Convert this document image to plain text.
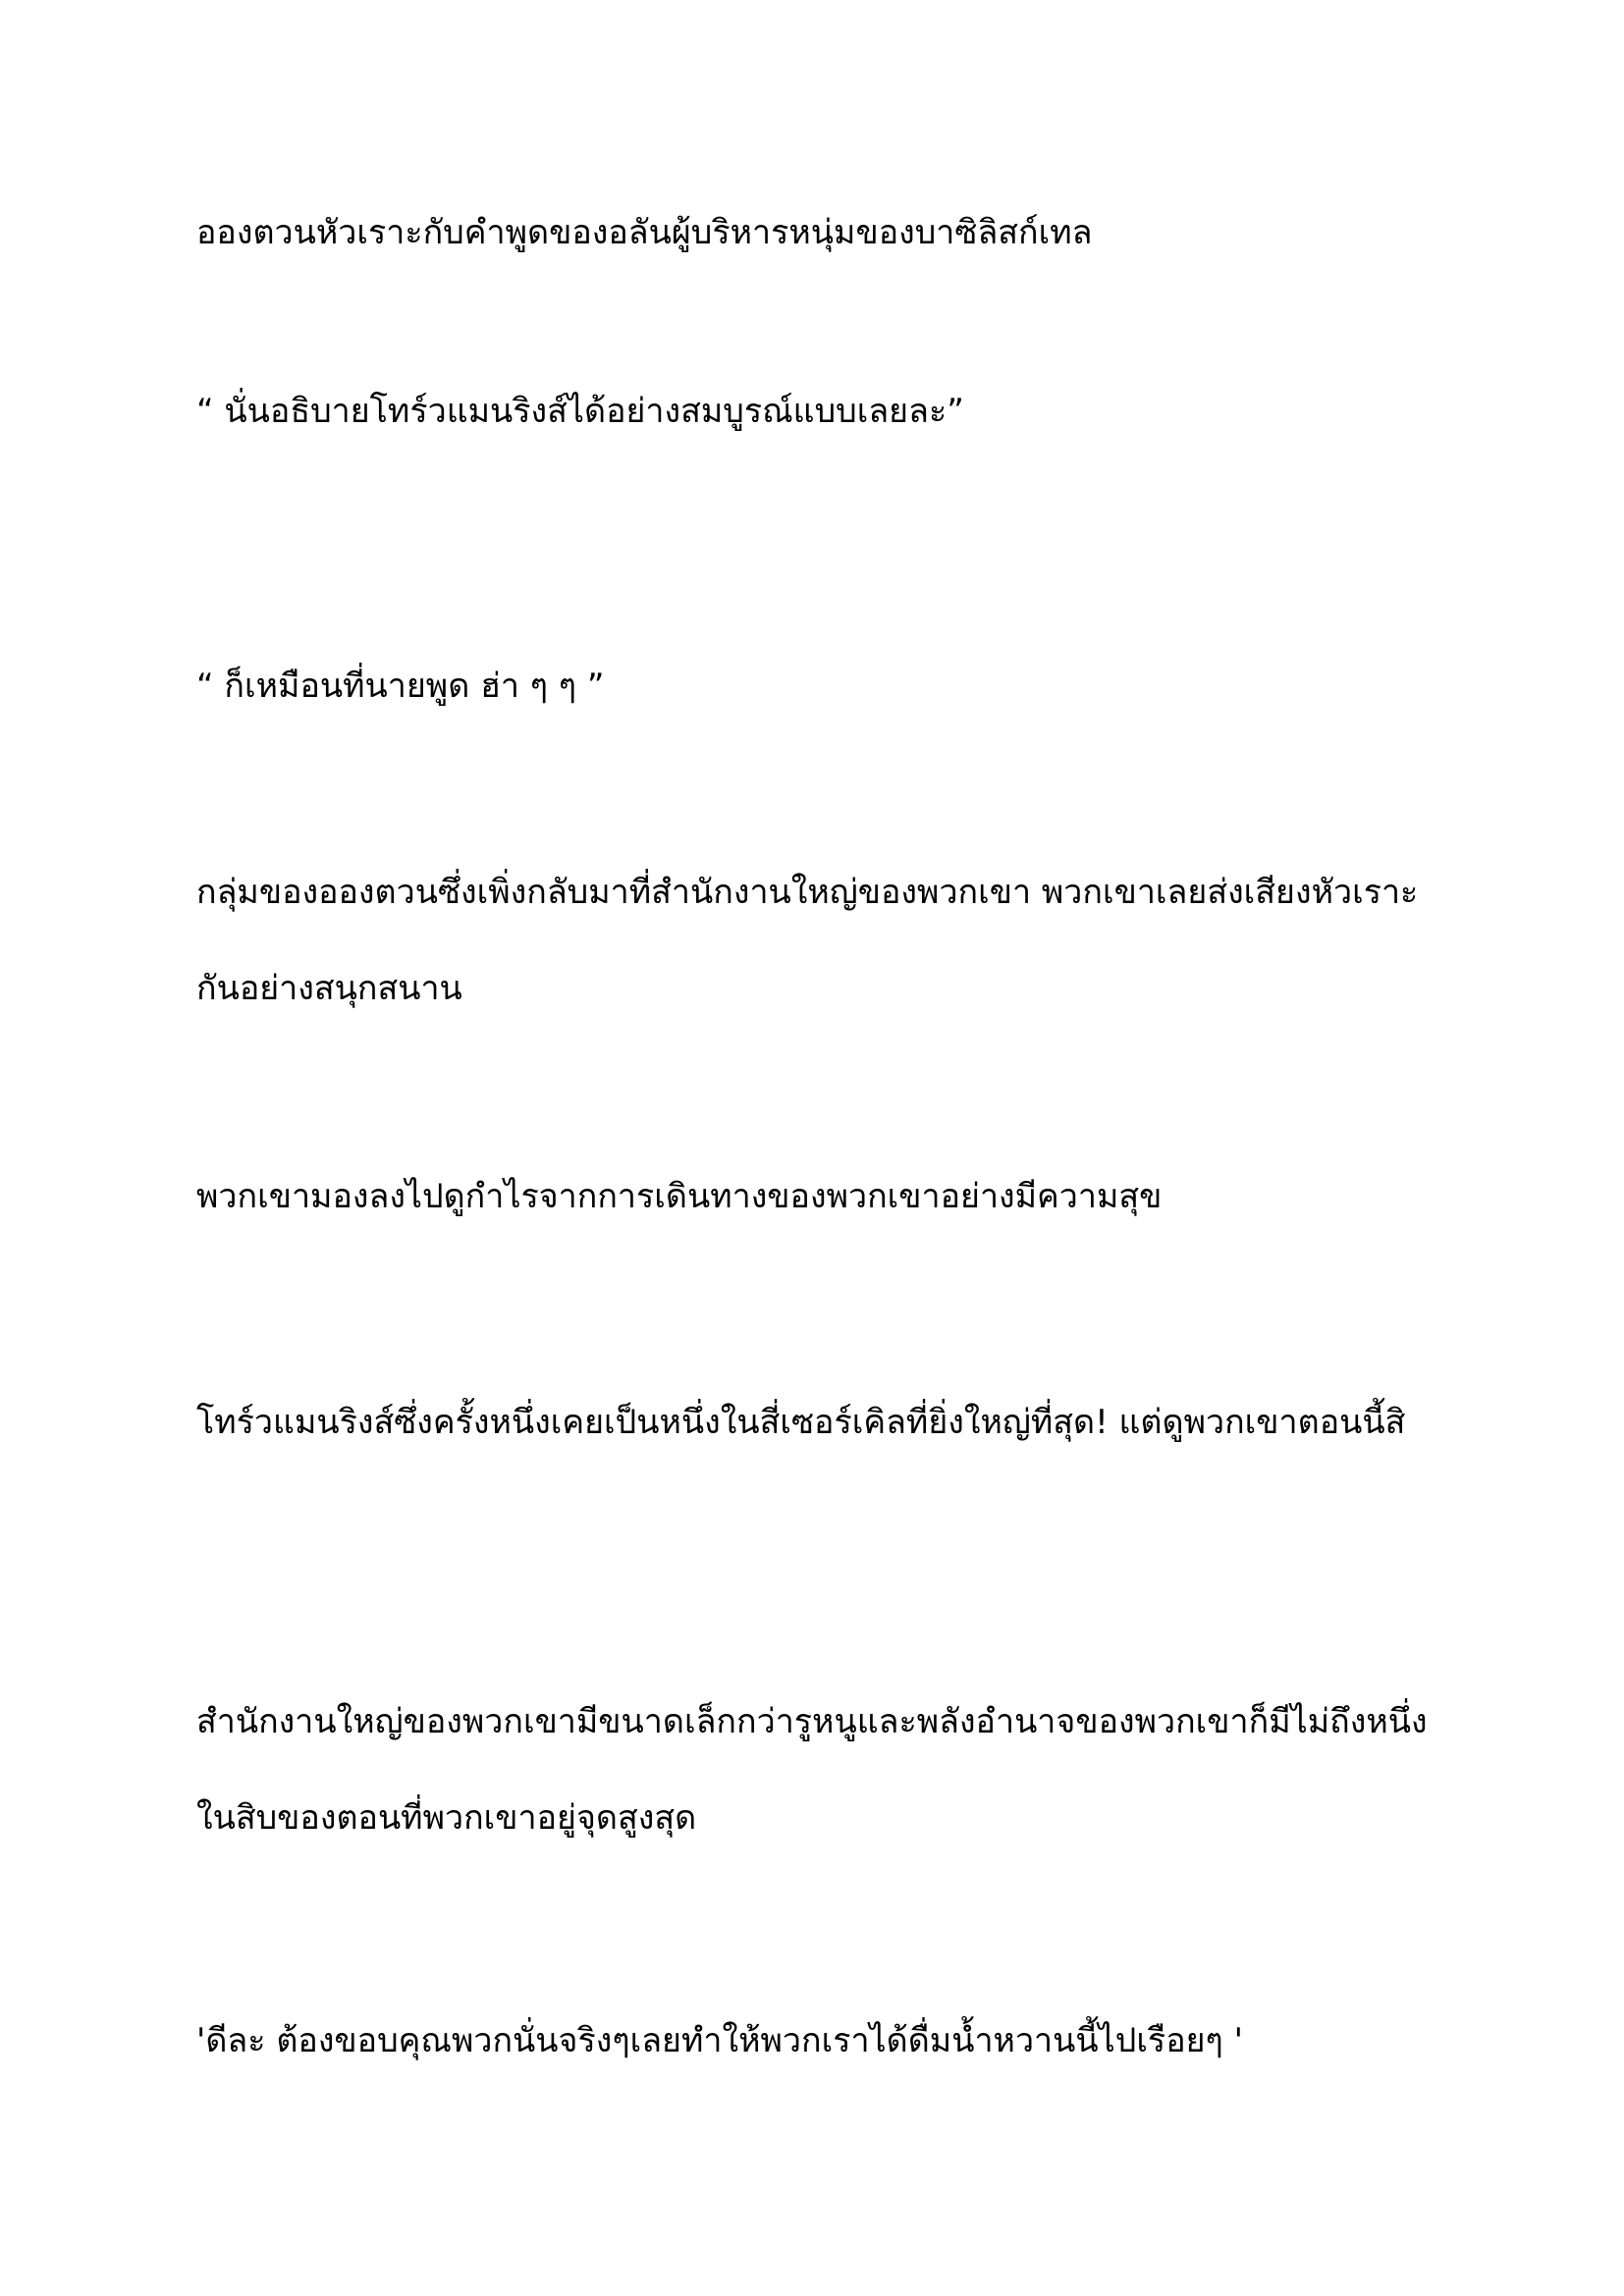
อองตวนหัวเราะกับคำพูดของอลันผู้บริหารหนุ่มของบาซิลิสก์เทล

“ นั่นอธิบายโทร์วแมนริงส์ได้อย่างสมบูรณ์แบบเลยละ”

“ ก็เหมือนที่นายพูด ฮ่า ๆ ๆ ”

กลุ่มของอองตวนซึ่งเพิ่งกลับมาที่สำนักงานใหญ่ของพวกเขา พวกเขาเลยส่งเสียงหัวเราะกันอย่างสนุกสนาน

พวกเขามองลงไปดูกำไรจากการเดินทางของพวกเขาอย่างมีความสุข

โทร์วแมนริงส์ซึ่งครั้งหนึ่งเคยเป็นหนึ่งในสี่เซอร์เคิลที่ยิ่งใหญ่ที่สุด! แต่ดูพวกเขาตอนนี้สิ

สำนักงานใหญ่ของพวกเขามีขนาดเล็กกว่ารูหนูและพลังอำนาจของพวกเขาก็มีไม่ถึงหนึ่งในสิบของตอนที่พวกเขาอยู่จุดสูงสุด

'ดีละ ต้องขอบคุณพวกนั่นจริงๆเลยทำให้พวกเราได้ดื่มน้ำหวานนี้ไปเรือยๆ '
